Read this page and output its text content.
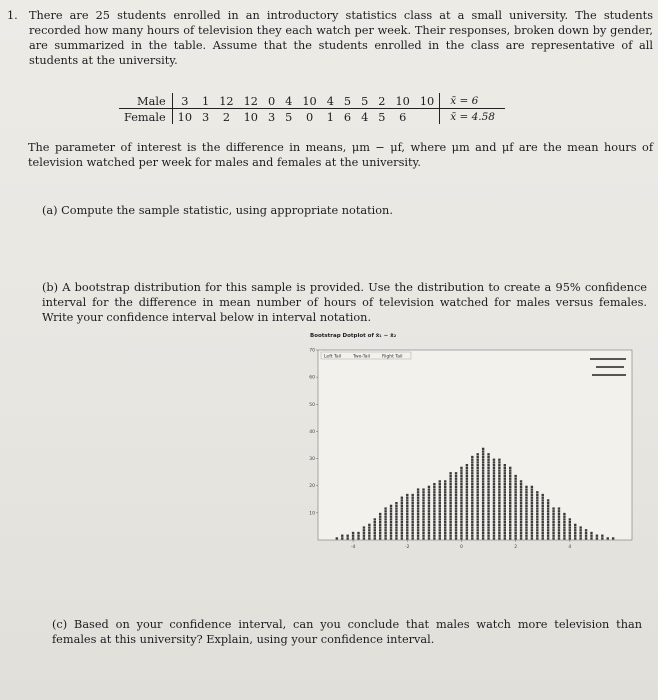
1. There are 25 students enrolled in an introductory statistics class at a small university. The students recorded how many hours of television they each watch per week. Their responses, broken down by gender, are summarized in the table. Assume that the students enrolled in the class are representative of all students at the university.
Male	3	1	12	12	0	4	10	4	5	5	2	10	10	x̄ = 6
Female	10	3	2	10	3	5	0	1	6	4	5	6		x̄ = 4.58
The parameter of interest is the difference in means, μm − μf, where μm and μf are the mean hours of television watched per week for males and females at the university.
(a) Compute the sample statistic, using appropriate notation.
(b) A bootstrap distribution for this sample is provided. Use the distribution to create a 95% confidence interval for the difference in mean number of hours of television watched for males versus females. Write your confidence interval below in interval notation.
Bootstrap Dotplot of x̄₁ − x̄₂
Left Tail	Two-Tail	Right Tail
10
20
30
40
50
60
70
-4	-2	0	2	4
(c) Based on your confidence interval, can you conclude that males watch more television than females at this university? Explain, using your confidence interval.
